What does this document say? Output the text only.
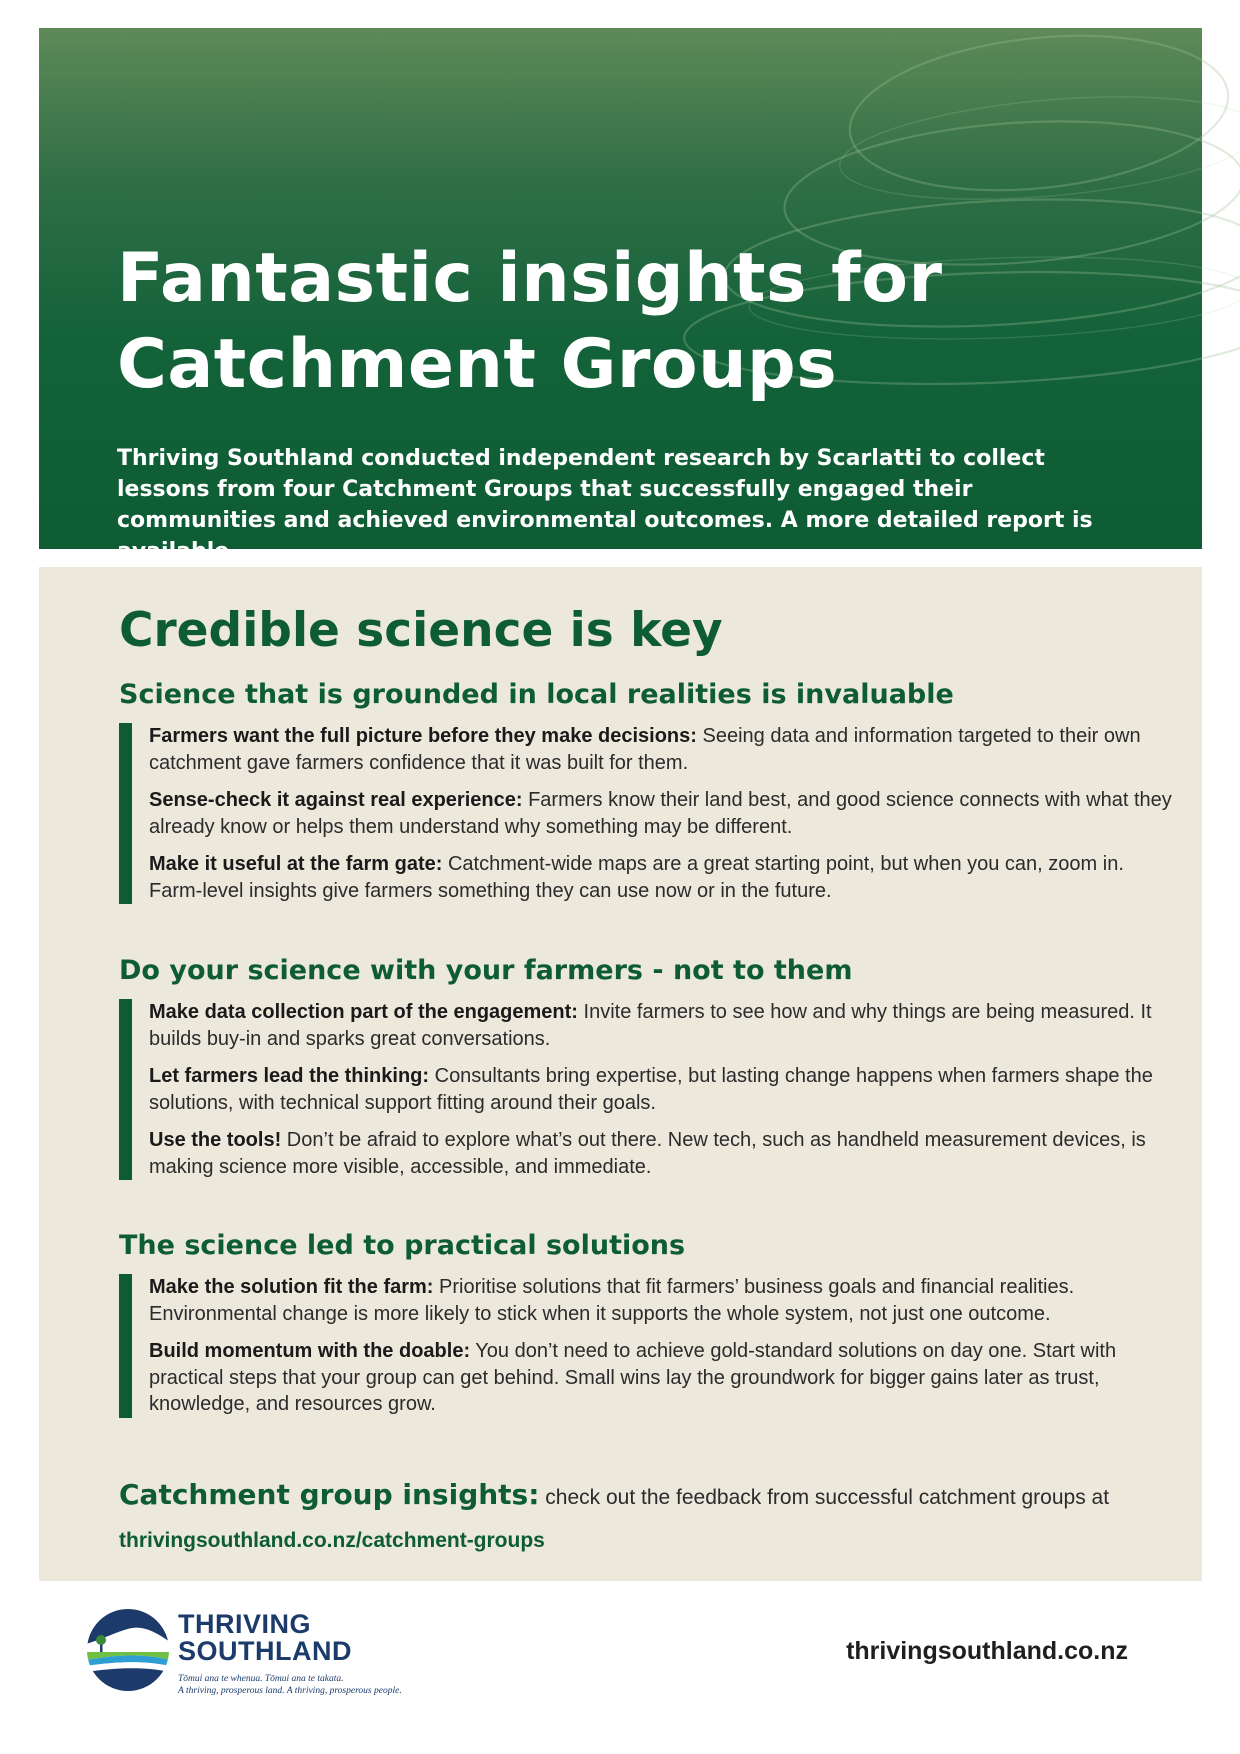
Fantastic insights for
Catchment Groups

Thriving Southland conducted independent research by Scarlatti to collect lessons from four Catchment Groups that successfully engaged their communities and achieved environmental outcomes. A more detailed report is available.

Credible science is key
Science that is grounded in local realities is invaluable

Farmers want the full picture before they make decisions: Seeing data and information targeted to their own catchment gave farmers confidence that it was built for them.

Sense-check it against real experience: Farmers know their land best, and good science connects with what they already know or helps them understand why something may be different.

Make it useful at the farm gate: Catchment-wide maps are a great starting point, but when you can, zoom in. Farm-level insights give farmers something they can use now or in the future.

Do your science with your farmers - not to them

Make data collection part of the engagement: Invite farmers to see how and why things are being measured. It builds buy-in and sparks great conversations.

Let farmers lead the thinking: Consultants bring expertise, but lasting change happens when farmers shape the solutions, with technical support fitting around their goals.

Use the tools! Don’t be afraid to explore what’s out there. New tech, such as handheld measurement devices, is making science more visible, accessible, and immediate.

The science led to practical solutions

Make the solution fit the farm: Prioritise solutions that fit farmers’ business goals and financial realities. Environmental change is more likely to stick when it supports the whole system, not just one outcome.

Build momentum with the doable: You don’t need to achieve gold-standard solutions on day one. Start with practical steps that your group can get behind. Small wins lay the groundwork for bigger gains later as trust, knowledge, and resources grow.

Catchment group insights: check out the feedback from successful catchment groups at

thrivingsouthland.co.nz/catchment-groups
THRIVING
SOUTHLAND
Tōmui ana te whenua. Tōmui ana te takata.
A thriving, prosperous land. A thriving, prosperous people.
thrivingsouthland.co.nz
